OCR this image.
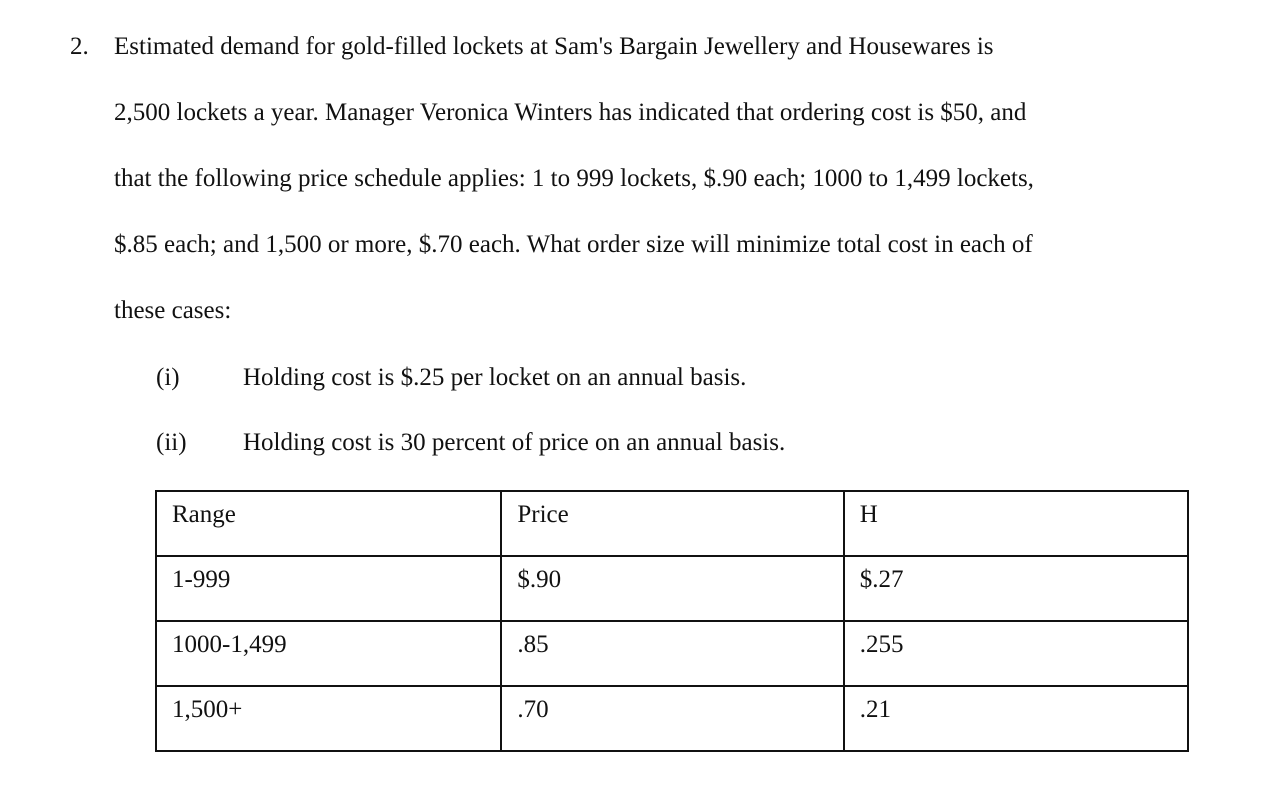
2. Estimated demand for gold-filled lockets at Sam's Bargain Jewellery and Housewares is
2,500 lockets a year. Manager Veronica Winters has indicated that ordering cost is $50, and
that the following price schedule applies: 1 to 999 lockets, $.90 each; 1000 to 1,499 lockets,
$.85 each; and 1,500 or more, $.70 each. What order size will minimize total cost in each of
these cases:
(i)	Holding cost is $.25 per locket on an annual basis.
(ii) Holding cost is 30 percent of price on an annual basis.
Range	Price	H

1-999	$.90	$.27

1000-1,499	.85	.255

1,500+	.70	.21
